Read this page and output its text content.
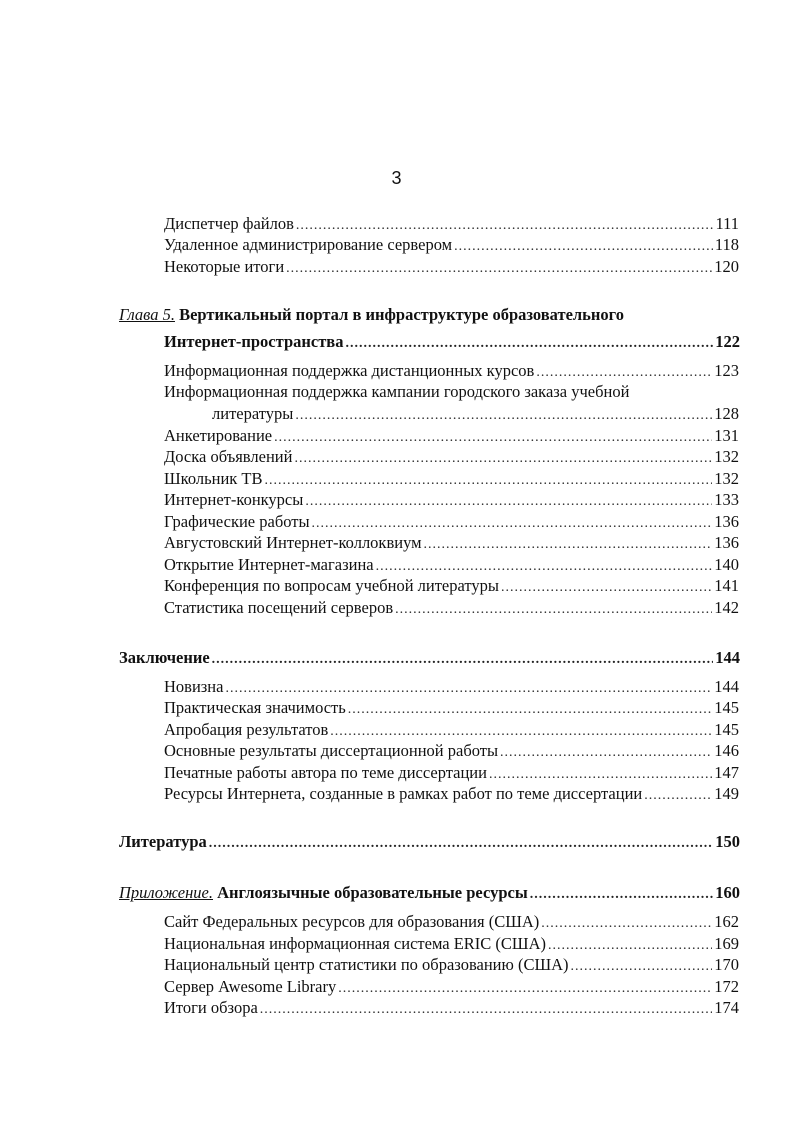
3
Диспетчер файлов .....	111
Удаленное администрирование сервером .....	118
Некоторые итоги .....	120
Глава 5. Вертикальный портал в инфраструктуре образовательного
Интернет-пространства .....	122
Информационная поддержка дистанционных курсов .....	123
Информационная поддержка кампании городского заказа учебной
литературы .....	128
Анкетирование .....	131
Доска объявлений .....	132
Школьник ТВ .....	132
Интернет-конкурсы .....	133
Графические работы .....	136
Августовский Интернет-коллоквиум .....	136
Открытие Интернет-магазина .....	140
Конференция по вопросам учебной литературы .....	141
Статистика посещений серверов .....	142
Заключение .....	144
Новизна .....	144
Практическая значимость .....	145
Апробация результатов .....	145
Основные результаты диссертационной работы .....	146
Печатные работы автора по теме диссертации .....	147
Ресурсы Интернета, созданные в рамках работ по теме диссертации .....	149
Литература .....	150
Приложение. Англоязычные образовательные ресурсы .....	160
Сайт Федеральных ресурсов для образования (США) .....	162
Национальная информационная система ERIC (США) .....	169
Национальный центр статистики по образованию (США) .....	170
Сервер Awesome Library .....	172
Итоги обзора .....	174
